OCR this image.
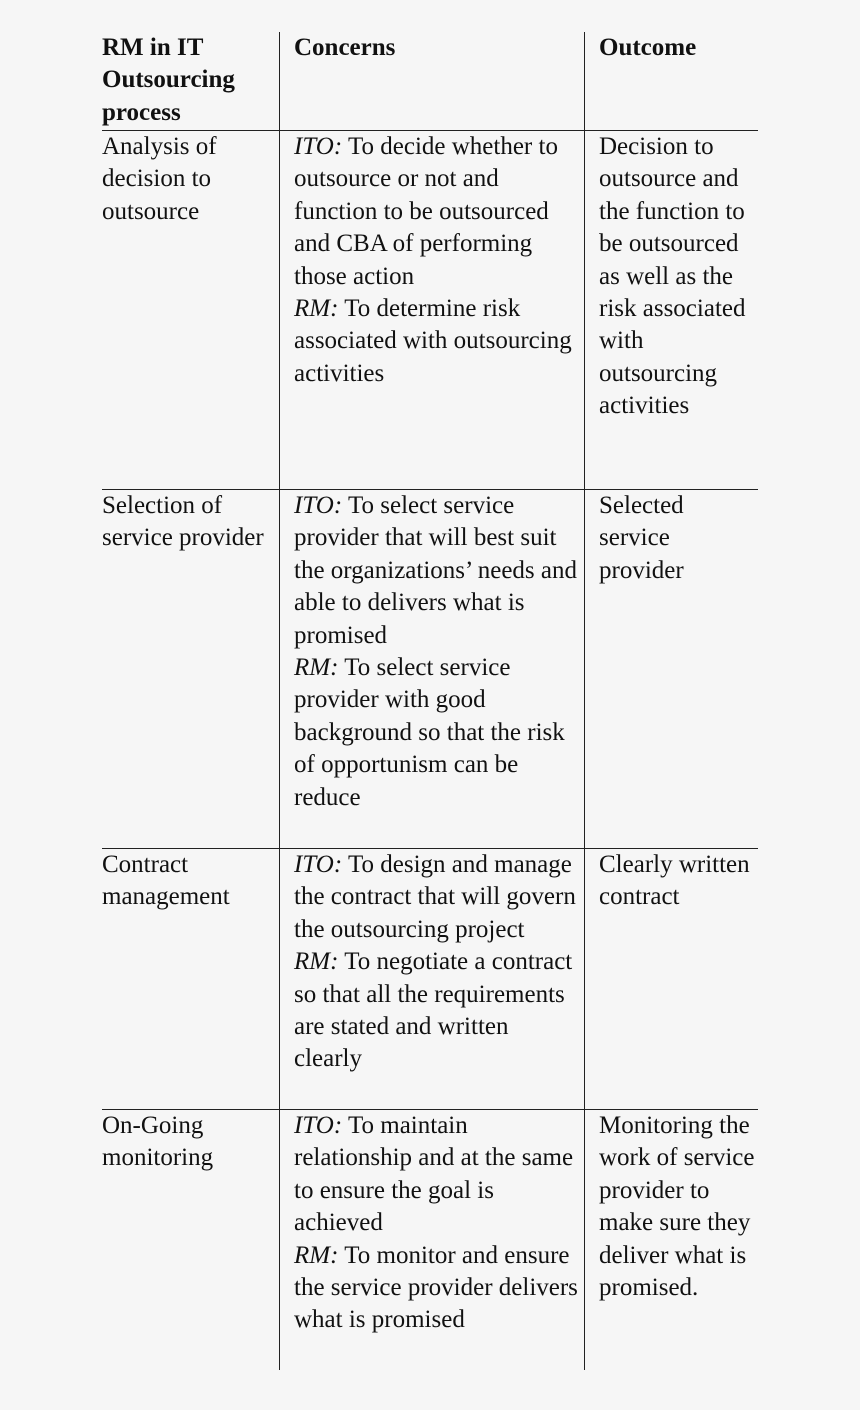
RM in IT Outsourcing process
Concerns	Outcome
Analysis of decision to outsource
ITO: To decide whether to outsource or not and function to be outsourced and CBA of performing those action
RM: To determine risk associated with outsourcing activities
Decision to outsource and the function to be outsourced as well as the risk associated with outsourcing activities
Selection of service provider
ITO: To select service provider that will best suit the organizations’ needs and able to delivers what is promised
RM: To select service provider with good background so that the risk of opportunism can be reduce
Selected service provider
Contract management
ITO: To design and manage the contract that will govern the outsourcing project
RM: To negotiate a contract so that all the requirements are stated and written clearly
Clearly written contract
On-Going monitoring
ITO: To maintain relationship and at the same to ensure the goal is achieved
RM: To monitor and ensure the service provider delivers what is promised
Monitoring the work of service provider to make sure they deliver what is promised.
